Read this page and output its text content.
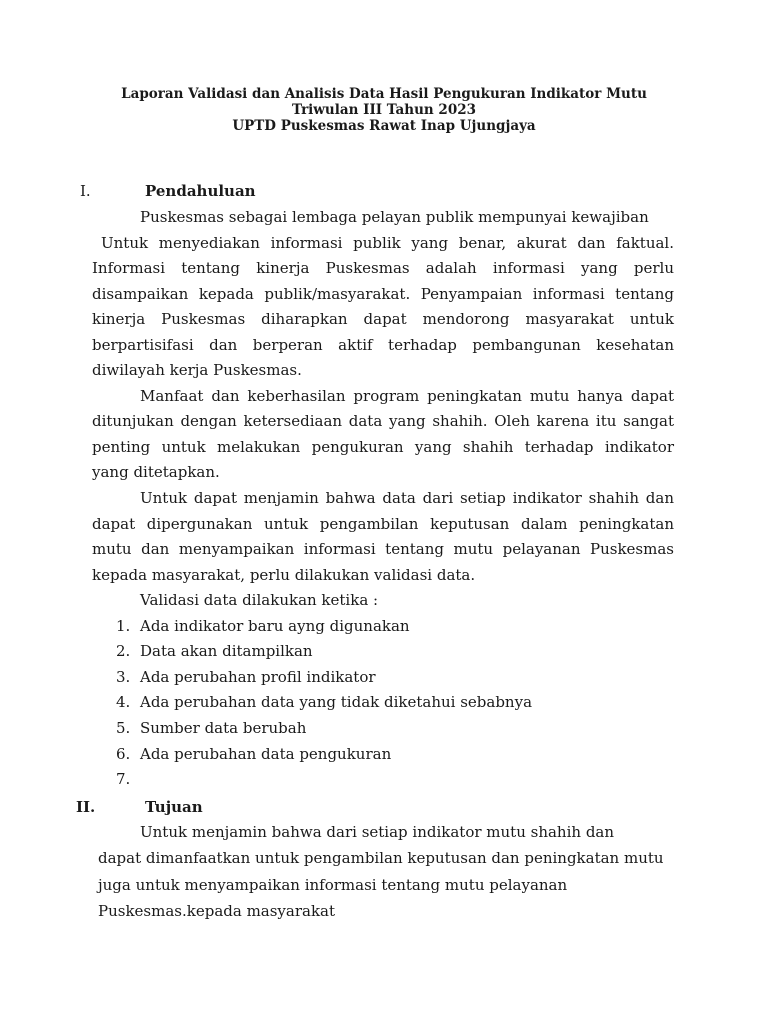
Laporan Validasi dan Analisis Data Hasil Pengukuran Indikator Mutu
Triwulan III Tahun 2023
UPTD Puskesmas Rawat Inap Ujungjaya
I.	Pendahuluan
Puskesmas sebagai lembaga pelayan publik mempunyai kewajiban
Untuk menyediakan informasi publik yang benar, akurat dan faktual.
Informasi tentang kinerja Puskesmas adalah informasi yang perlu
disampaikan kepada publik/masyarakat. Penyampaian informasi tentang
kinerja Puskesmas diharapkan dapat mendorong masyarakat untuk
berpartisifasi dan berperan aktif terhadap pembangunan kesehatan
diwilayah kerja Puskesmas.
Manfaat dan keberhasilan program peningkatan mutu hanya dapat
ditunjukan dengan ketersediaan data yang shahih. Oleh karena itu sangat
penting untuk melakukan pengukuran yang shahih terhadap indikator
yang ditetapkan.
Untuk dapat menjamin bahwa data dari setiap indikator shahih dan
dapat dipergunakan untuk pengambilan keputusan dalam peningkatan
mutu dan menyampaikan informasi tentang mutu pelayanan Puskesmas
kepada masyarakat, perlu dilakukan validasi data.
Validasi data dilakukan ketika :
1. Ada indikator baru ayng digunakan
2. Data akan ditampilkan
3. Ada perubahan profil indikator
4. Ada perubahan data yang tidak diketahui sebabnya
5. Sumber data berubah
6. Ada perubahan data pengukuran
7.
II.	Tujuan
Untuk menjamin bahwa dari setiap indikator mutu shahih dan
dapat dimanfaatkan untuk pengambilan keputusan dan peningkatan mutu
juga untuk menyampaikan informasi tentang mutu pelayanan
Puskesmas.kepada masyarakat
